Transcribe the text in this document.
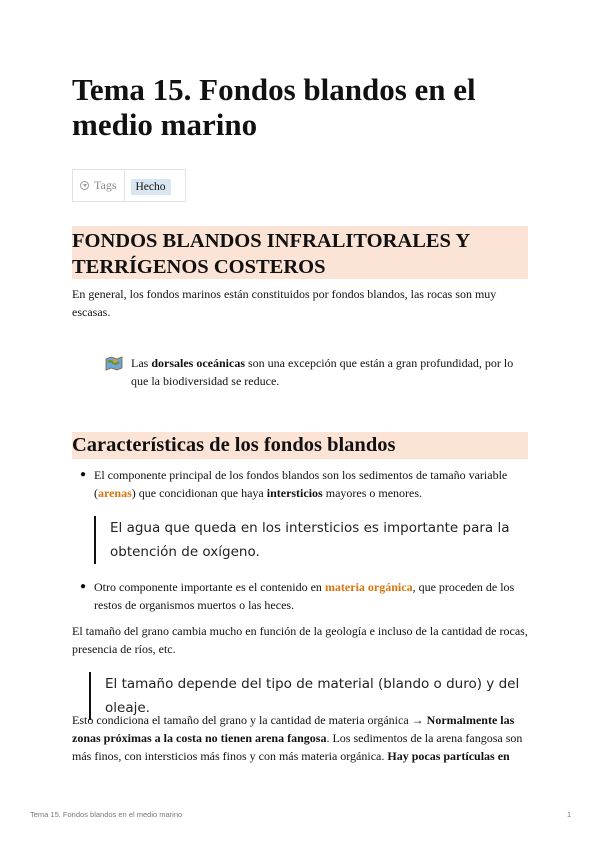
Tema 15. Fondos blandos en el medio marino
Tags	Hecho
FONDOS BLANDOS INFRALITORALES Y TERRÍGENOS COSTEROS

En general, los fondos marinos están constituidos por fondos blandos, las rocas son muy escasas.

Las dorsales oceánicas son una excepción que están a gran profundidad, por lo que la biodiversidad se reduce.
Características de los fondos blandos
● El componente principal de los fondos blandos son los sedimentos de tamaño variable (arenas) que concidionan que haya intersticios mayores o menores.
El agua que queda en los intersticios es importante para la obtención de oxígeno.
● Otro componente importante es el contenido en materia orgánica, que proceden de los restos de organismos muertos o las heces.

El tamaño del grano cambia mucho en función de la geología e incluso de la cantidad de rocas, presencia de ríos, etc.

El tamaño depende del tipo de material (blando o duro) y del oleaje.

Esto condiciona el tamaño del grano y la cantidad de materia orgánica → Normalmente las zonas próximas a la costa no tienen arena fangosa. Los sedimentos de la arena fangosa son más finos, con intersticios más finos y con más materia orgánica. Hay pocas partículas en

Tema 15. Fondos blandos en el medio marino	1
